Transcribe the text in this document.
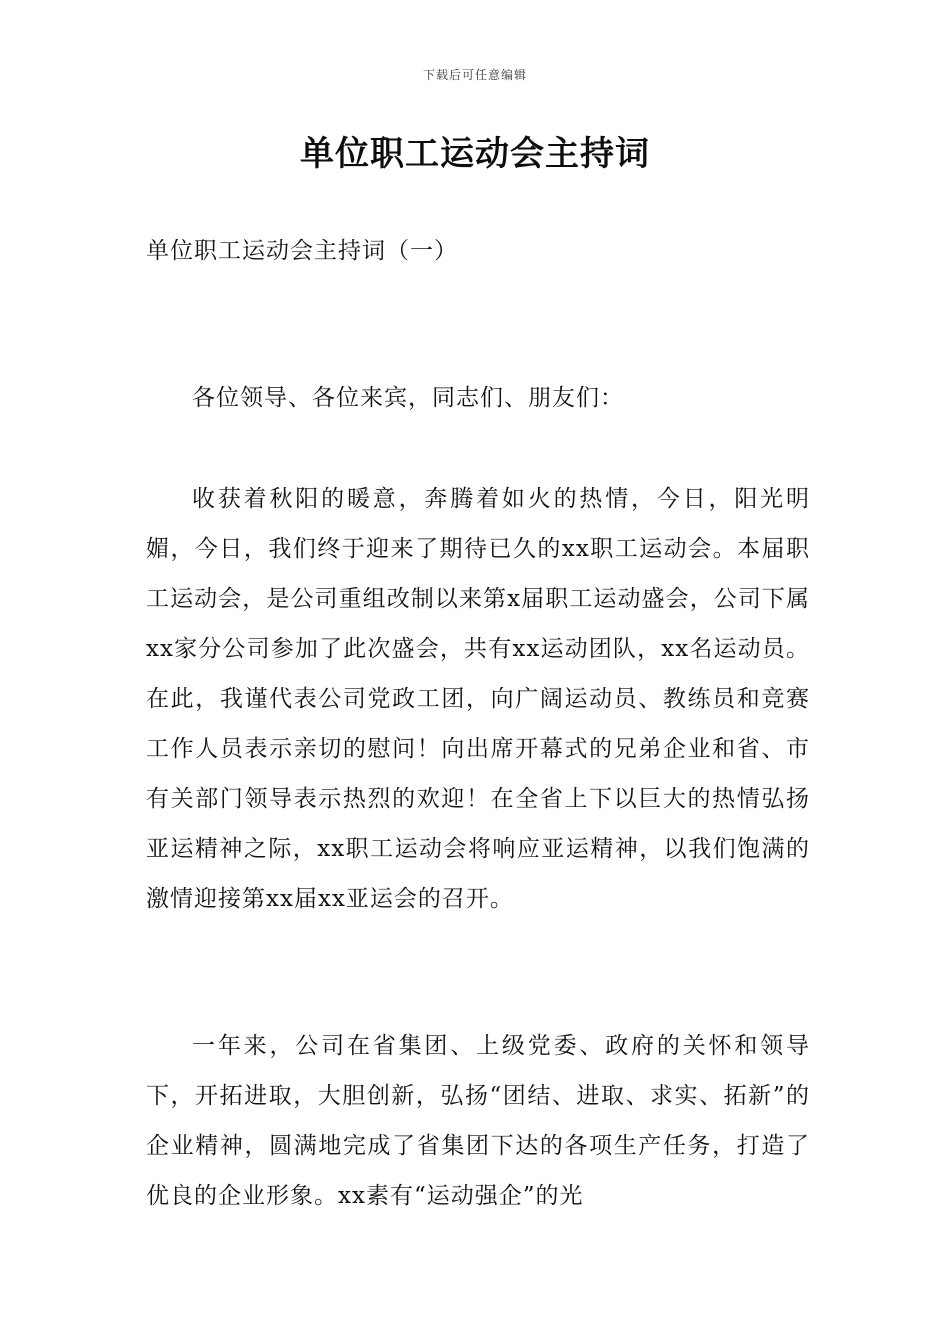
下载后可任意编辑
单位职工运动会主持词
单位职工运动会主持词（一）

各位领导、各位来宾，同志们、朋友们：

收获着秋阳的暖意，奔腾着如火的热情，今日，阳光明媚，今日，我们终于迎来了期待已久的xx职工运动会。本届职工运动会，是公司重组改制以来第x届职工运动盛会，公司下属xx家分公司参加了此次盛会，共有xx运动团队，xx名运动员。在此，我谨代表公司党政工团，向广阔运动员、教练员和竞赛工作人员表示亲切的慰问！向出席开幕式的兄弟企业和省、市有关部门领导表示热烈的欢迎！在全省上下以巨大的热情弘扬亚运精神之际，xx职工运动会将响应亚运精神，以我们饱满的激情迎接第xx届xx亚运会的召开。

一年来，公司在省集团、上级党委、政府的关怀和领导下，开拓进取，大胆创新，弘扬“团结、进取、求实、拓新”的企业精神，圆满地完成了省集团下达的各项生产任务，打造了优良的企业形象。xx素有“运动强企”的光
